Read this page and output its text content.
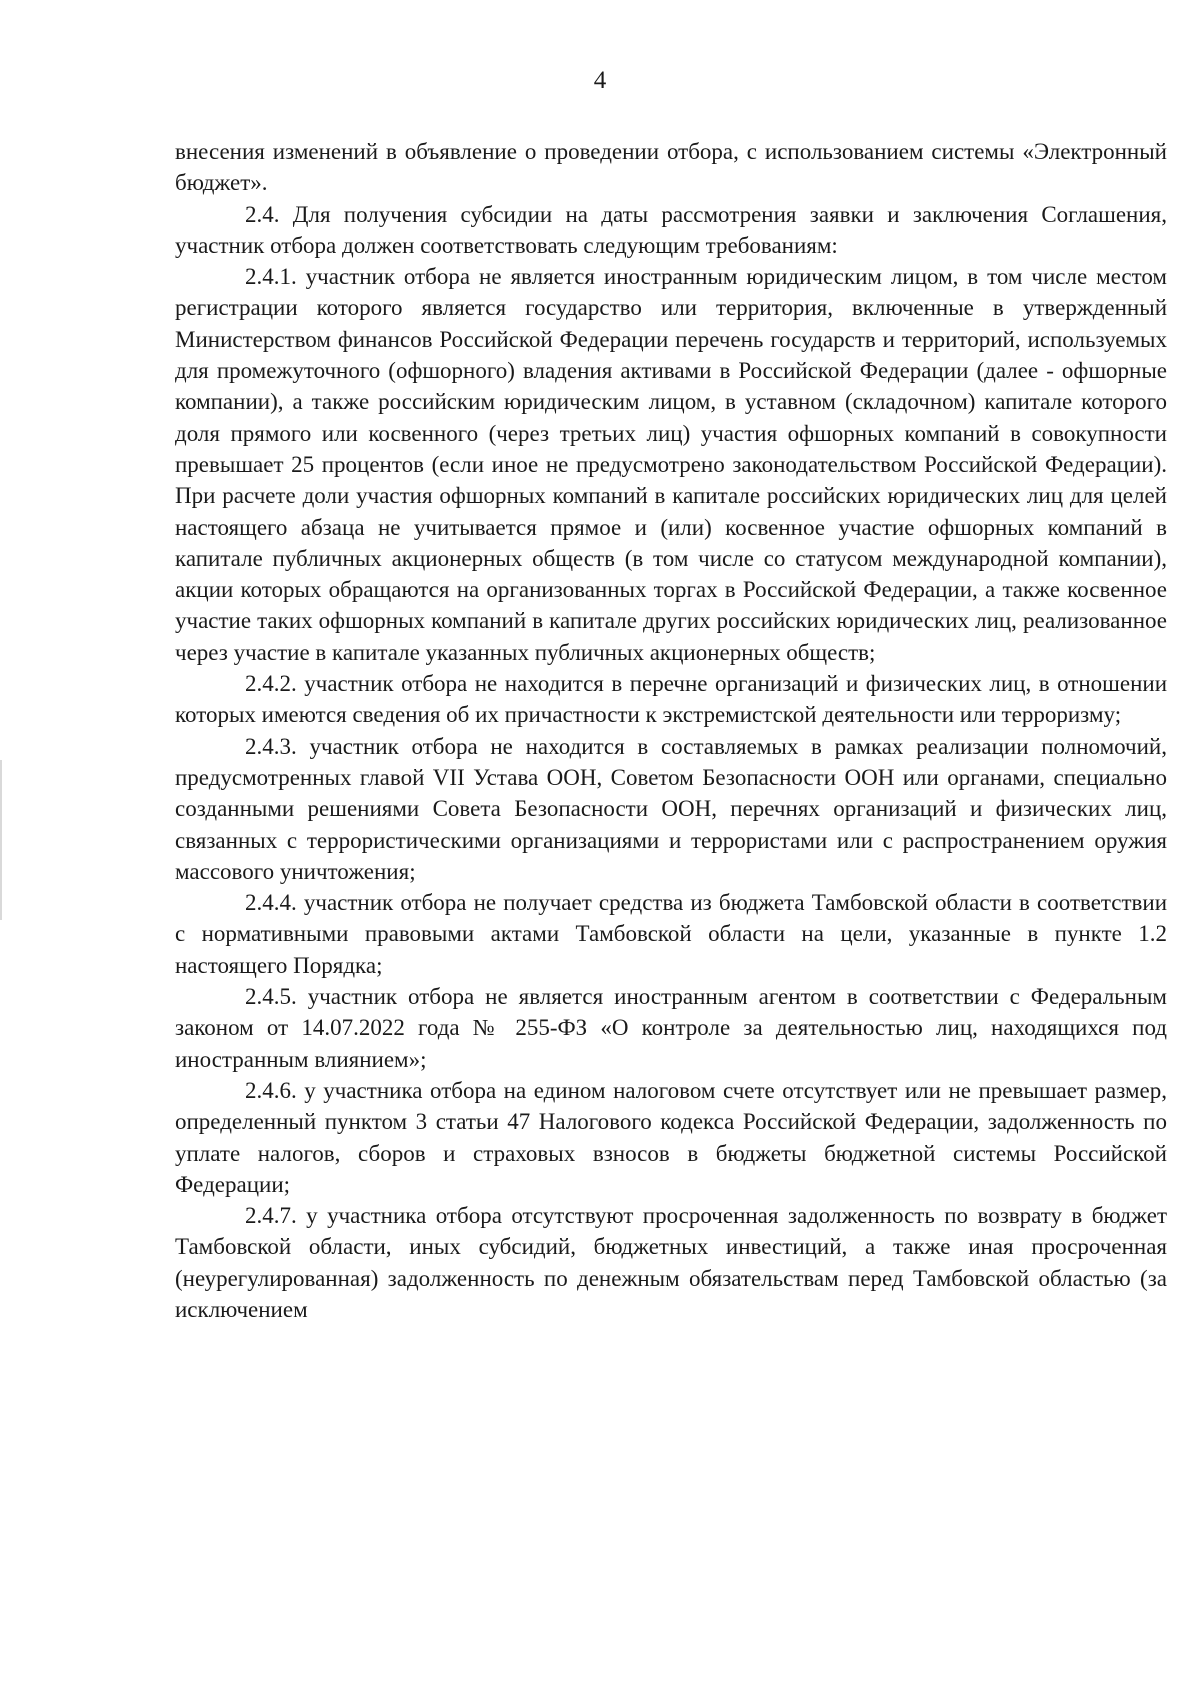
4

внесения изменений в объявление о проведении отбора, с использованием системы «Электронный бюджет».

2.4. Для получения субсидии на даты рассмотрения заявки и заключения Соглашения, участник отбора должен соответствовать следующим требованиям:

2.4.1. участник отбора не является иностранным юридическим лицом, в том числе местом регистрации которого является государство или территория, включенные в утвержденный Министерством финансов Российской Федерации перечень государств и территорий, используемых для промежуточного (офшорного) владения активами в Российской Федерации (далее - офшорные компании), а также российским юридическим лицом, в уставном (складочном) капитале которого доля прямого или косвенного (через третьих лиц) участия офшорных компаний в совокупности превышает 25 процентов (если иное не предусмотрено законодательством Российской Федерации). При расчете доли участия офшорных компаний в капитале российских юридических лиц для целей настоящего абзаца не учитывается прямое и (или) косвенное участие офшорных компаний в капитале публичных акционерных обществ (в том числе со статусом международной компании), акции которых обращаются на организованных торгах в Российской Федерации, а также косвенное участие таких офшорных компаний в капитале других российских юридических лиц, реализованное через участие в капитале указанных публичных акционерных обществ;

2.4.2. участник отбора не находится в перечне организаций и физических лиц, в отношении которых имеются сведения об их причастности к экстремистской деятельности или терроризму;

2.4.3. участник отбора не находится в составляемых в рамках реализации полномочий, предусмотренных главой VII Устава ООН, Советом Безопасности ООН или органами, специально созданными решениями Совета Безопасности ООН, перечнях организаций и физических лиц, связанных с террористическими организациями и террористами или с распространением оружия массового уничтожения;

2.4.4. участник отбора не получает средства из бюджета Тамбовской области в соответствии с нормативными правовыми актами Тамбовской области на цели, указанные в пункте 1.2 настоящего Порядка;

2.4.5. участник отбора не является иностранным агентом в соответствии с Федеральным законом от 14.07.2022 года № 255-ФЗ «О контроле за деятельностью лиц, находящихся под иностранным влиянием»;

2.4.6. у участника отбора на едином налоговом счете отсутствует или не превышает размер, определенный пунктом 3 статьи 47 Налогового кодекса Российской Федерации, задолженность по уплате налогов, сборов и страховых взносов в бюджеты бюджетной системы Российской Федерации;

2.4.7. у участника отбора отсутствуют просроченная задолженность по возврату в бюджет Тамбовской области, иных субсидий, бюджетных инвестиций, а также иная просроченная (неурегулированная) задолженность по денежным обязательствам перед Тамбовской областью (за исключением
